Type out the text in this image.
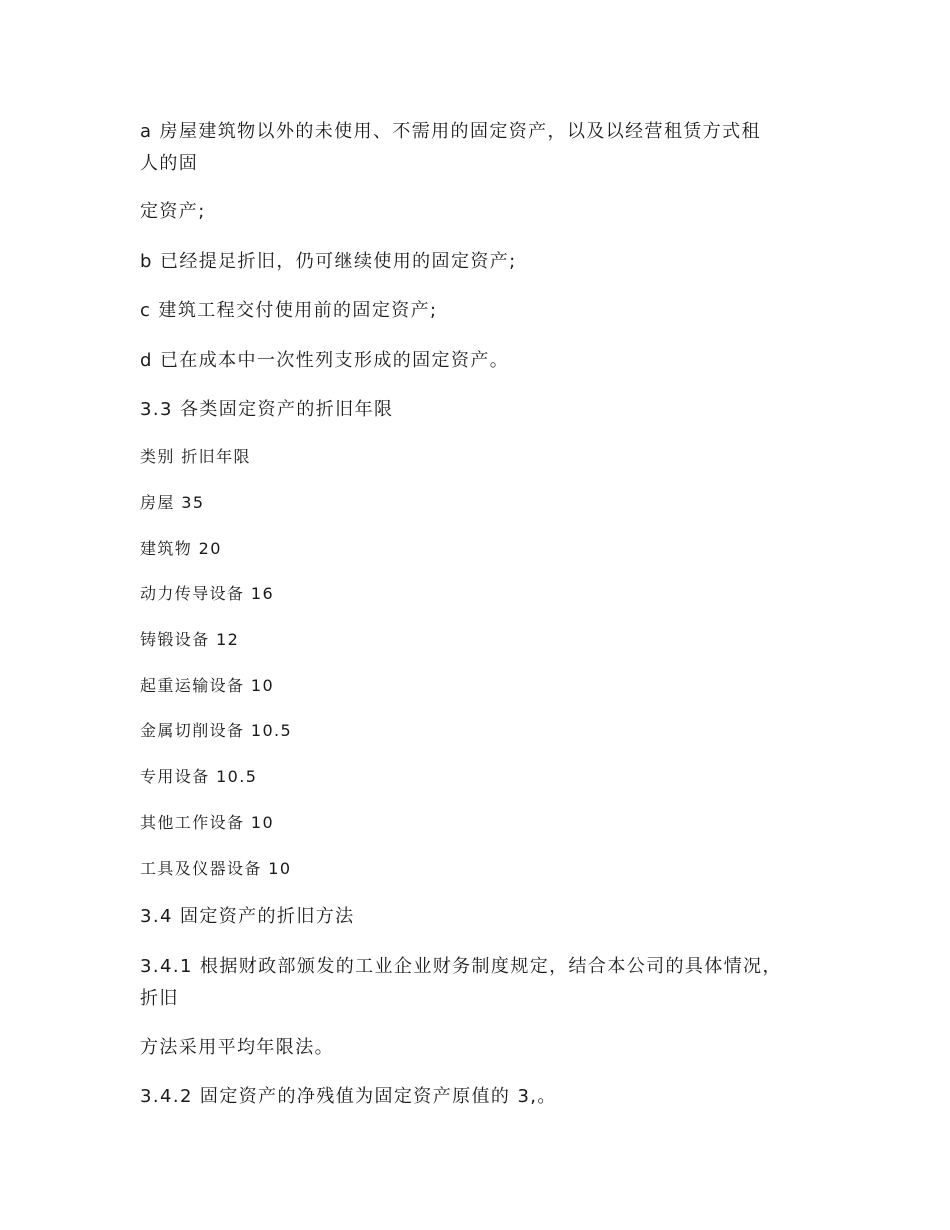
a 房屋建筑物以外的未使用、不需用的固定资产，以及以经营租赁方式租

人的固

定资产;

b 已经提足折旧，仍可继续使用的固定资产;

c 建筑工程交付使用前的固定资产;

d 已在成本中一次性列支形成的固定资产。

3.3 各类固定资产的折旧年限

类别 折旧年限

房屋 35

建筑物 20

动力传导设备 16

铸锻设备 12

起重运输设备 10

金属切削设备 10.5

专用设备 10.5

其他工作设备 10

工具及仪器设备 10

3.4 固定资产的折旧方法

3.4.1 根据财政部颁发的工业企业财务制度规定，结合本公司的具体情况，

折旧

方法采用平均年限法。

3.4.2 固定资产的净残值为固定资产原值的 3,。
